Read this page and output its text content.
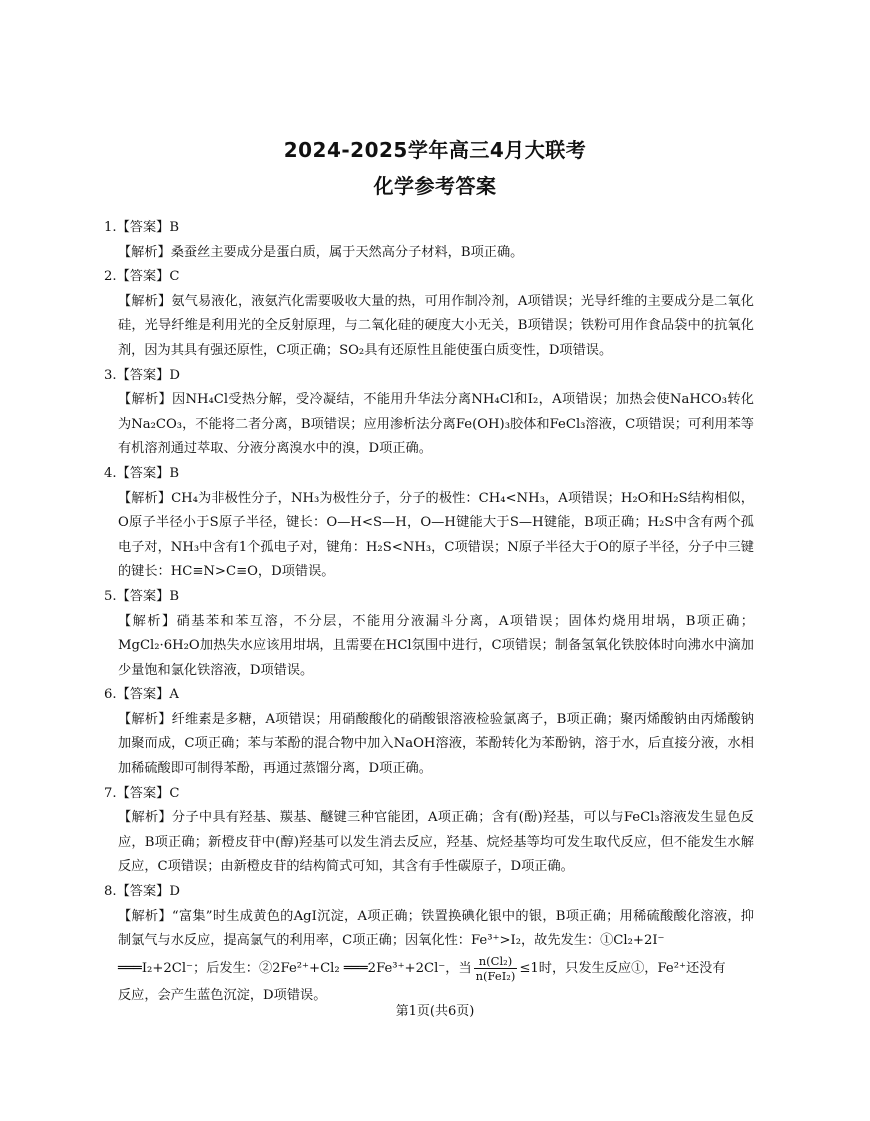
2024-2025学年高三4月大联考
化学参考答案
1.【答案】B
【解析】桑蚕丝主要成分是蛋白质，属于天然高分子材料，B项正确。
2.【答案】C
【解析】氨气易液化，液氨汽化需要吸收大量的热，可用作制冷剂，A项错误；光导纤维的主要成分是二氧化硅，光导纤维是利用光的全反射原理，与二氧化硅的硬度大小无关，B项错误；铁粉可用作食品袋中的抗氧化剂，因为其具有强还原性，C项正确；SO₂具有还原性且能使蛋白质变性，D项错误。
3.【答案】D
【解析】因NH₄Cl受热分解，受冷凝结，不能用升华法分离NH₄Cl和I₂，A项错误；加热会使NaHCO₃转化为Na₂CO₃，不能将二者分离，B项错误；应用渗析法分离Fe(OH)₃胶体和FeCl₃溶液，C项错误；可利用苯等有机溶剂通过萃取、分液分离溴水中的溴，D项正确。
4.【答案】B
【解析】CH₄为非极性分子，NH₃为极性分子，分子的极性：CH₄<NH₃，A项错误；H₂O和H₂S结构相似，O原子半径小于S原子半径，键长：O—H<S—H，O—H键能大于S—H键能，B项正确；H₂S中含有两个孤电子对，NH₃中含有1个孤电子对，键角：H₂S<NH₃，C项错误；N原子半径大于O的原子半径，分子中三键的键长：HC≡N>C≡O，D项错误。
5.【答案】B
【解析】硝基苯和苯互溶，不分层，不能用分液漏斗分离，A项错误；固体灼烧用坩埚，B项正确；MgCl₂·6H₂O加热失水应该用坩埚，且需要在HCl氛围中进行，C项错误；制备氢氧化铁胶体时向沸水中滴加少量饱和氯化铁溶液，D项错误。
6.【答案】A
【解析】纤维素是多糖，A项错误；用硝酸酸化的硝酸银溶液检验氯离子，B项正确；聚丙烯酸钠由丙烯酸钠加聚而成，C项正确；苯与苯酚的混合物中加入NaOH溶液，苯酚转化为苯酚钠，溶于水，后直接分液，水相加稀硫酸即可制得苯酚，再通过蒸馏分离，D项正确。
7.【答案】C
【解析】分子中具有羟基、羰基、醚键三种官能团，A项正确；含有(酚)羟基，可以与FeCl₃溶液发生显色反应，B项正确；新橙皮苷中(醇)羟基可以发生消去反应，羟基、烷烃基等均可发生取代反应，但不能发生水解反应，C项错误；由新橙皮苷的结构简式可知，其含有手性碳原子，D项正确。
8.【答案】D
【解析】“富集”时生成黄色的AgI沉淀，A项正确；铁置换碘化银中的银，B项正确；用稀硫酸酸化溶液，抑制氯气与水反应，提高氯气的利用率，C项正确；因氧化性：Fe³⁺>I₂，故先发生：①Cl₂+2I⁻
═══I₂+2Cl⁻；后发生：②2Fe²⁺+Cl₂ ═══2Fe³⁺+2Cl⁻，当 $\frac{\text{n(Cl₂)}}{\text{n(FeI₂)}} \le 1$时，只发生反应①，Fe²⁺还没有
反应，会产生蓝色沉淀，D项错误。
第1页(共6页)
